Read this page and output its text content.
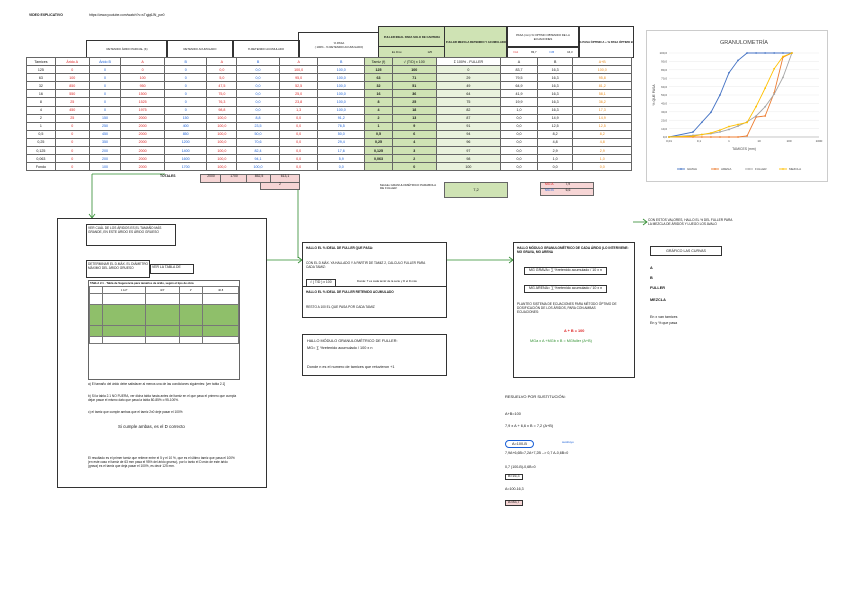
VIDEO EXPLICATIVO	https://www.youtube.com/watch?v=sTqjq6JN_pw0
RETENIDO ÁRIDO PARCIAL (K)	RETENIDO ACUMULADO	% RETENIDO ACUMULADO
% PASA
( 100% - % RETENIDO ACUMULADO)
FULLER IDEAL PARA SOLO DE CANTERA
EL Dmx	125
FULLER MEZCLA RETENIDO Y ACUMULADO
PASA (mm) % OPTIMO OBTENIDO DE LA ECUACIONES
N.A	83,7	N.B	16,3
% PASA ÓPTIMO A + % PASA ÓPTIMO B
Tamices	Árido A	Árido B	A	B	A	B	A	B	Tamiz (f)	√ (T/D) x 100	Σ 100% - FULLER	A	B	A+B
125	0	0	0	0	0,0	0,0	100,0	100,0	125	100	0	83,7	16,3	100,0
63	100	0	100	0	5,0	0,0	95,0	100,0	63	71	29	79,5	16,3	95,8
32	850	0	950	0	47,5	0,0	52,5	100,0	32	51	49	64,9	16,3	81,2
16	550	0	1500	0	75,0	0,0	25,0	100,0	16	36	64	41,9	16,3	58,1
8	25	0	1525	0	76,3	0,0	23,8	100,0	8	25	75	19,9	16,3	36,2
4	450	0	1975	0	98,8	0,0	1,3	100,0	4	18	82	1,0	16,3	17,3
2	25	150	2000	150	100,0	8,8	0,0	91,2	2	13	87	0,0	14,9	14,9
1	0	250	2000	400	100,0	23,5	0,0	76,5	1	9	91	0,0	12,5	12,5
0,5	0	450	2000	850	100,0	50,0	0,0	50,0	0,5	6	94	0,0	8,2	8,2
0,25	0	350	2000	1200	100,0	70,6	0,0	29,4	0,25	4	96	0,0	4,8	4,8
0,125	0	200	2000	1400	100,0	82,4	0,0	17,6	0,125	3	97	0,0	2,9	2,9
0,063	0	200	2000	1600	100,0	94,1	0,0	5,9	0,063	2	98	0,0	1,0	1,0
Fondo	0	100	2000	1700	100,0	100,0	0,0	0,0		0	100	0,0	0,0	0,0
TOTALES	2000	1700	852,5	613,1
2	Módulo GRANULOMÉTRICO PARABOLA DE FULLER:	7,2
MG A	7,9
MG B	6,6
GRANULOMETRÍA
0,0
10,0
20,0
30,0
40,0
50,0
60,0
70,0
80,0
90,0
100,0
0,01	0,1	1	10	100	1000
TAMICES (mm)
% QUE PASA
GRAVA	ARENA	FULLER	MEZCLA
VER CUÁL DE LOS ÁRIDOS ES EL TAMAÑO MÁS GRANDE, EN ESTE ÁRIDO ES ÁRIDO GRUESO
DETERMINAR EL D.MÁX. EL DIÁMETRO MÁXIMO DEL ÁRIDO GRUESO	VER LA TABLA DE
TABLA 2.1 - Tabla de Sugerencia para tamaños de árido, según el tipo de obra
	1 1/2"	3/4"	1"	40.8

a) El tamaño del árido debe satisfacer al menos una de las condiciones siguientes: [ver tabla 2.1]
b) Si la tabla 2.1 NO FUERA, ver dicha tabla hasta antes del tamiz en el que pasa el primero que cumpla dejar pasar el mismo dato que pasa la tabla 80-85% o 95-100%.
c) el tamiz que cumple ambas que el tamiz 2x0 deje pasar el 100%
Si cumple ambas, es el D correcto
El resultado es el primer tamiz que retiene entre el 5 y el 10 %, que es el último tamiz que pasa el 100% (en este caso el tamiz de 63 mm pasa el 95% del árido grueso), por lo tanto el D.máx de este árido (grava) es el tamiz que deja pasar el 100%, es decir 125 mm.
HALLO EL % IDEAL DE FULLER QUE PASA:
CON EL D.MÁX. YA HALLADO Y A PARTIR DE TAMIZ 2, CALCULO FULLER PARA CADA TAMIZ:
√ ( T/D ) x 100	Donde: T es cada tamiz de la serie y D el D.máx
HALLO EL % IDEAL DE FULLER RETENIDO ACUMULADO
RESTO A 100 EL QUE PASA POR CADA TAMIZ
HALLO MÓDULO GRANULOMÉTRICO DE FULLER:
MG= ∑ %retenido acumulado / 100 x n
Donde n es el numero de tamices que retuvieron +1
HALLO MÓDULO GRANULOMÉTRICO DE CADA ÁRIDO (LO INTERVIENE: MG GRAVA, MG ARENA
MG GRAVA= ∑ %retenido acumulado / 10 x n
MG ARENA= ∑ %retenido acumulado / 10 x n
PLANTEO SISTEMA DE ECUACIONES PARA MÉTODO ÓPTIMO DE DOSIFICACIÓN DE LOS ÁRIDOS, PARA CON AMBAS ECUACIONES:
A + B = 100
MGa x A +MGb x B = MGfuller (A+B)
CON ESTOS VALORES, HALLO EL % DEL FULLER PARA LA MEZCLA DE ÁRIDOS Y LUEGO LOS AVALO
GRÁFICO LAS CURVAS
A
B
FULLER
MEZCLA
En x van tamices
En y % que pasa
RESUELVO POR SUSTITUCIÓN:
A+B=100
7,9 x A + 6,6 x B = 7,2 (A+B)
A=100-B	sustituyo
7,9A+6,6B=7,2A+7,2B --> 0,7 A-0,6B=0
0,7 (100-B)-0,6B=0
B=16,3
A=100-16,3
A=83,7
